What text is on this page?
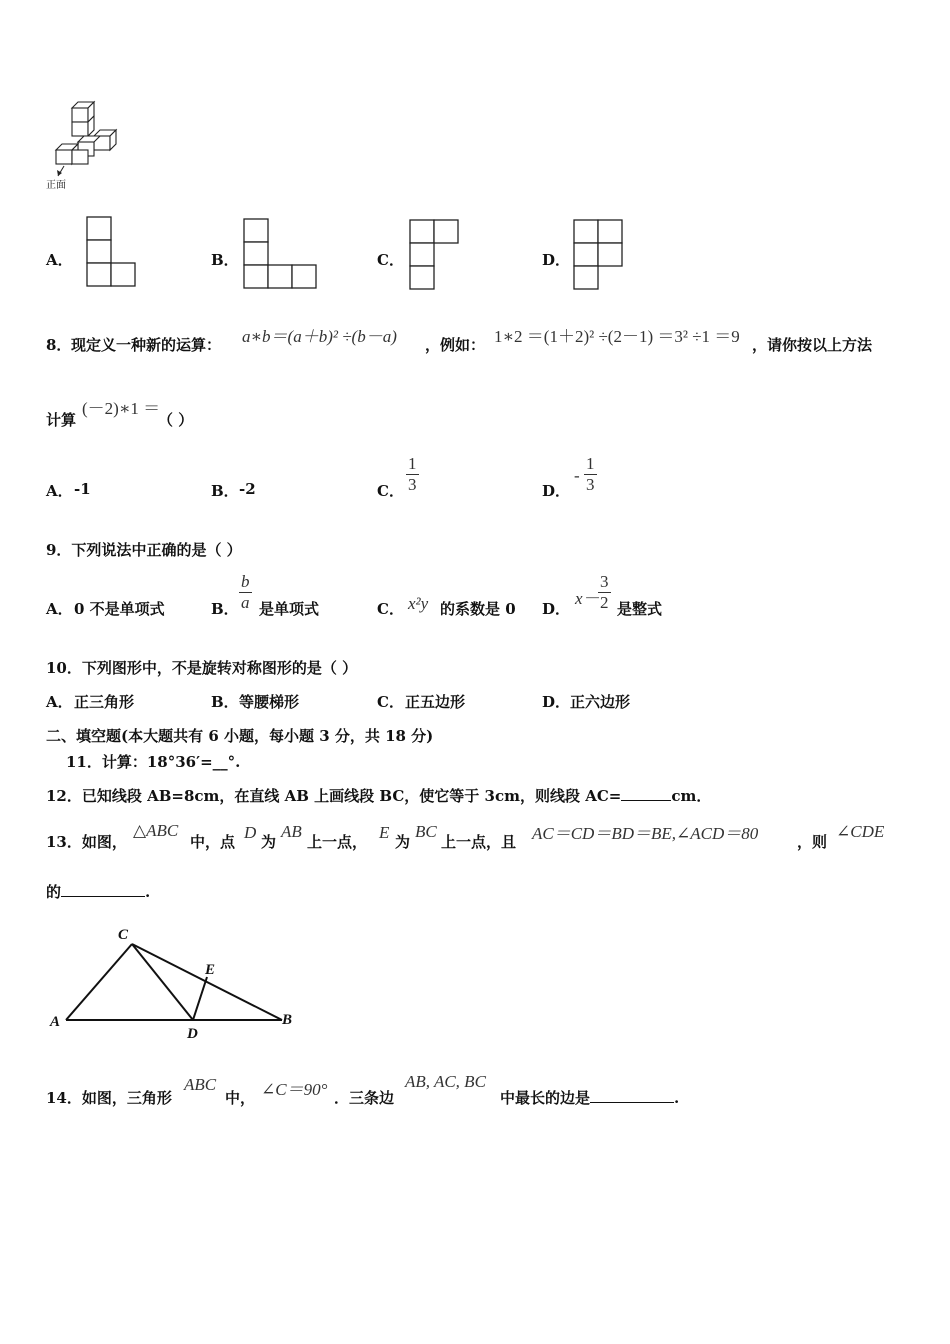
正面
A．	B．	C．	D．
8． 现定义一种新的运算： a∗b＝(a＋b)² ÷(b－a) ，例如： 1∗2 ＝(1＋2)² ÷(2－1) ＝3² ÷1 ＝9 ，请你按以上方法
计算
(－2)∗1 ＝
（ ）
A． -1	B． -2	C． $\frac{1}{3}$	D．
- $\frac{1}{3}$
9．下列说法中正确的是（ ）
A． 0 不是单项式	B． $\frac{b}{a}$ 是单项式	C． x²y 的系数是 0 D．
x－
$\frac{3}{2}$ 是整式
10．下列图形中，不是旋转对称图形的是（ ）
A． 正三角形	B． 等腰梯形	C． 正五边形	D． 正六边形
二、填空题(本大题共有 6 小题，每小题 3 分，共 18 分)
11．计算：18°36′=__°.
12．已知线段 AB=8cm，在直线 AB 上画线段 BC，使它等于 3cm，则线段 AC=	cm．
13．如图，
△ABC
中，点 D 为
AB
上一点， E 为
BC
上一点，且 AC＝CD＝BD＝BE,∠ACD＝80	，则
∠CDE
的	.
A	B
C
D
E
14．如图，三角形
ABC
中， ∠C＝90° ．三条边
AB, AC, BC
中最长的边是	.
